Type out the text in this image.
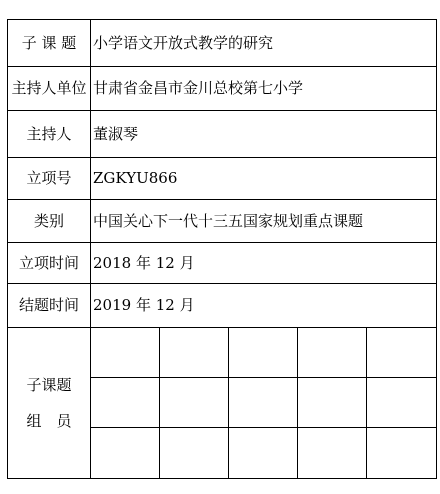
子 课 题	小学语文开放式教学的研究				
主持人单位	甘肃省金昌市金川总校第七小学				
主持人	董淑琴				
立项号	ZGKYU866				
类别	中国关心下一代十三五国家规划重点课题				
立项时间	2018 年 12 月				
结题时间	2019 年 12 月				

子课题
组　员					
